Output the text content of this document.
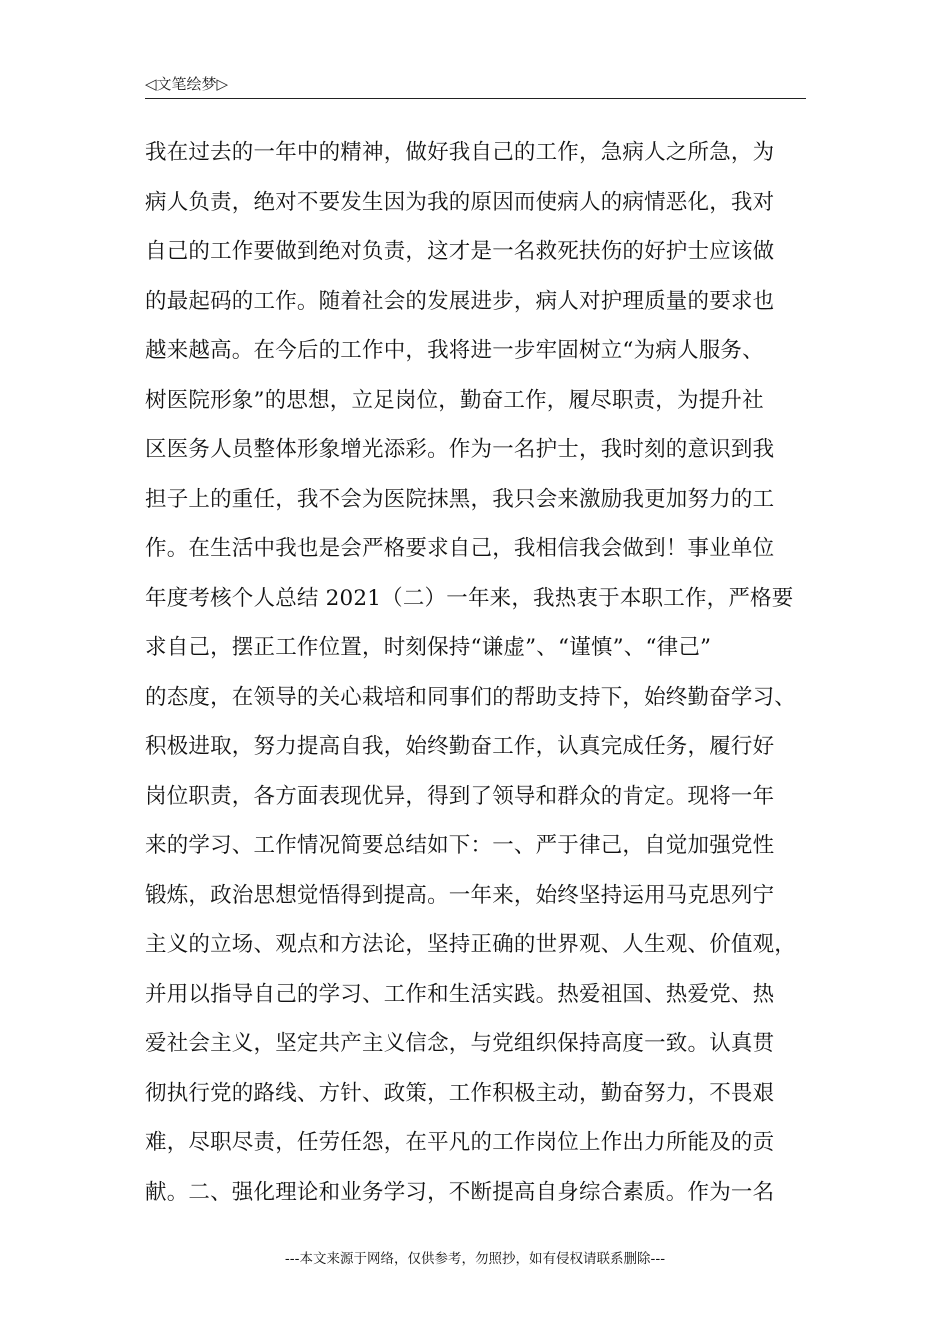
◁文笔绘梦▷
我在过去的一年中的精神，做好我自己的工作，急病人之所急，为
病人负责，绝对不要发生因为我的原因而使病人的病情恶化，我对
自己的工作要做到绝对负责，这才是一名救死扶伤的好护士应该做
的最起码的工作。随着社会的发展进步，病人对护理质量的要求也
越来越高。在今后的工作中，我将进一步牢固树立“为病人服务、
树医院形象”的思想，立足岗位，勤奋工作，履尽职责，为提升社
区医务人员整体形象增光添彩。作为一名护士，我时刻的意识到我
担子上的重任，我不会为医院抹黑，我只会来激励我更加努力的工
作。在生活中我也是会严格要求自己，我相信我会做到！事业单位
年度考核个人总结 2021（二）一年来，我热衷于本职工作，严格要
求自己，摆正工作位置，时刻保持“谦虚”、“谨慎”、“律己”
的态度，在领导的关心栽培和同事们的帮助支持下，始终勤奋学习、
积极进取，努力提高自我，始终勤奋工作，认真完成任务，履行好
岗位职责，各方面表现优异，得到了领导和群众的肯定。现将一年
来的学习、工作情况简要总结如下：一、严于律己，自觉加强党性
锻炼，政治思想觉悟得到提高。一年来，始终坚持运用马克思列宁
主义的立场、观点和方法论，坚持正确的世界观、人生观、价值观，
并用以指导自己的学习、工作和生活实践。热爱祖国、热爱党、热
爱社会主义，坚定共产主义信念，与党组织保持高度一致。认真贯
彻执行党的路线、方针、政策，工作积极主动，勤奋努力，不畏艰
难，尽职尽责，任劳任怨，在平凡的工作岗位上作出力所能及的贡
献。二、强化理论和业务学习，不断提高自身综合素质。作为一名
---本文来源于网络，仅供参考，勿照抄，如有侵权请联系删除---
